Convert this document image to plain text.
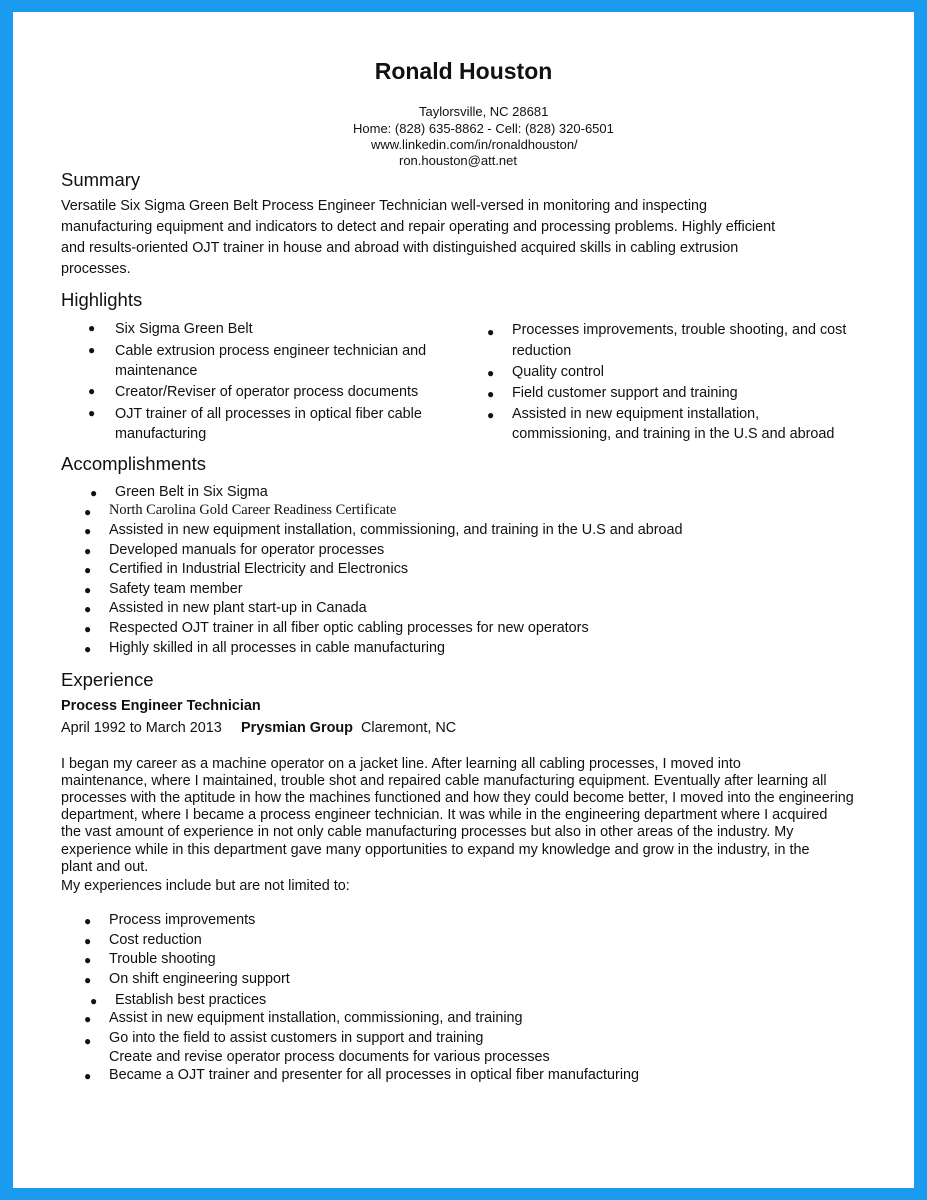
Ronald Houston
Taylorsville, NC 28681
Home: (828) 635-8862 - Cell: (828) 320-6501
www.linkedin.com/in/ronaldhouston/
ron.houston@att.net
Summary
Versatile Six Sigma Green Belt Process Engineer Technician well-versed in monitoring and inspecting
manufacturing equipment and indicators to detect and repair operating and processing problems. Highly efficient
and results-oriented OJT trainer in house and abroad with distinguished acquired skills in cabling extrusion
processes.
Highlights
● Six Sigma Green Belt
● Cable extrusion process engineer technician and
maintenance
● Creator/Reviser of operator process documents
● OJT trainer of all processes in optical fiber cable
manufacturing
● Processes improvements, trouble shooting, and cost
reduction
● Quality control
● Field customer support and training
● Assisted in new equipment installation,
commissioning, and training in the U.S and abroad
Accomplishments
● Green Belt in Six Sigma
● North Carolina Gold Career Readiness Certificate
● Assisted in new equipment installation, commissioning, and training in the U.S and abroad
● Developed manuals for operator processes
● Certified in Industrial Electricity and Electronics
● Safety team member
● Assisted in new plant start-up in Canada
● Respected OJT trainer in all fiber optic cabling processes for new operators
● Highly skilled in all processes in cable manufacturing
Experience
Process Engineer Technician
April 1992 to March 2013 Prysmian Group Claremont, NC
I began my career as a machine operator on a jacket line. After learning all cabling processes, I moved into
maintenance, where I maintained, trouble shot and repaired cable manufacturing equipment. Eventually after learning all
processes with the aptitude in how the machines functioned and how they could become better, I moved into the engineering
department, where I became a process engineer technician. It was while in the engineering department where I acquired
the vast amount of experience in not only cable manufacturing processes but also in other areas of the industry. My
experience while in this department gave many opportunities to expand my knowledge and grow in the industry, in the
plant and out.
My experiences include but are not limited to:
● Process improvements
● Cost reduction
● Trouble shooting
● On shift engineering support
● Establish best practices
● Assist in new equipment installation, commissioning, and training
● Go into the field to assist customers in support and training
Create and revise operator process documents for various processes
● Became a OJT trainer and presenter for all processes in optical fiber manufacturing
